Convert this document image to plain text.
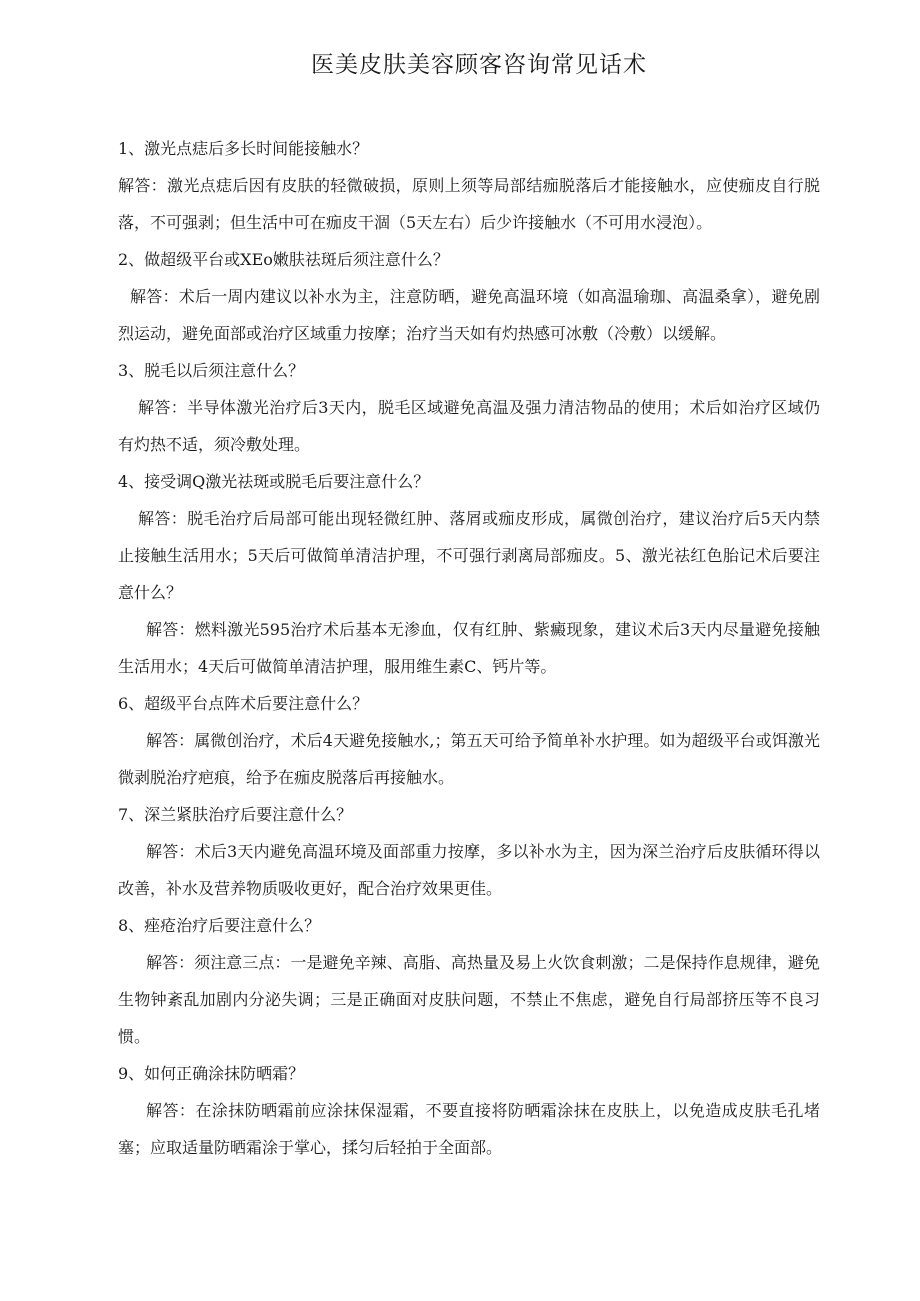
医美皮肤美容顾客咨询常见话术

1、激光点痣后多长时间能接触水？

解答：激光点痣后因有皮肤的轻微破损，原则上须等局部结痂脱落后才能接触水，应使痂皮自行脱落，不可强剥；但生活中可在痂皮干涸（5天左右）后少许接触水（不可用水浸泡）。

2、做超级平台或XEo嫩肤祛斑后须注意什么？

解答：术后一周内建议以补水为主，注意防晒，避免高温环境（如高温瑜珈、高温桑拿），避免剧烈运动，避免面部或治疗区域重力按摩；治疗当天如有灼热感可冰敷（冷敷）以缓解。

3、脱毛以后须注意什么？

解答：半导体激光治疗后3天内，脱毛区域避免高温及强力清洁物品的使用；术后如治疗区域仍有灼热不适，须冷敷处理。

4、接受调Q激光祛斑或脱毛后要注意什么？

解答：脱毛治疗后局部可能出现轻微红肿、落屑或痂皮形成，属微创治疗，建议治疗后5天内禁止接触生活用水；5天后可做简单清洁护理，不可强行剥离局部痂皮。5、激光祛红色胎记术后要注意什么？

解答：燃料激光595治疗术后基本无渗血，仅有红肿、紫癜现象，建议术后3天内尽量避免接触生活用水；4天后可做简单清洁护理，服用维生素C、钙片等。

6、超级平台点阵术后要注意什么？

解答：属微创治疗，术后4天避免接触水,；第五天可给予简单补水护理。如为超级平台或饵激光微剥脱治疗疤痕，给予在痂皮脱落后再接触水。

7、深兰紧肤治疗后要注意什么？

解答：术后3天内避免高温环境及面部重力按摩，多以补水为主，因为深兰治疗后皮肤循环得以改善，补水及营养物质吸收更好，配合治疗效果更佳。

8、痤疮治疗后要注意什么？

解答：须注意三点：一是避免辛辣、高脂、高热量及易上火饮食刺激；二是保持作息规律，避免生物钟紊乱加剧内分泌失调；三是正确面对皮肤问题，不禁止不焦虑，避免自行局部挤压等不良习惯。

9、如何正确涂抹防晒霜？

解答：在涂抹防晒霜前应涂抹保湿霜，不要直接将防晒霜涂抹在皮肤上，以免造成皮肤毛孔堵塞；应取适量防晒霜涂于掌心，揉匀后轻拍于全面部。
